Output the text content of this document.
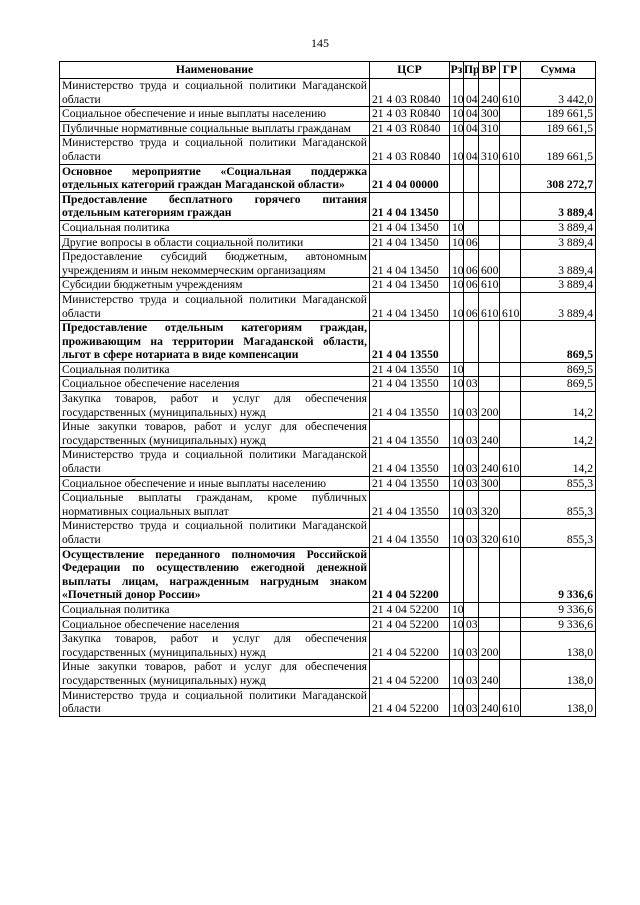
145
Наименование	ЦСР	Рз	Пр	ВР	ГР	Сумма
Министерство труда и социальной политики Магаданской области	21 4 03 R0840	10	04	240	610	3 442,0
Социальное обеспечение и иные выплаты населению	21 4 03 R0840	10	04	300		189 661,5
Публичные нормативные социальные выплаты гражданам	21 4 03 R0840	10	04	310		189 661,5
Министерство труда и социальной политики Магаданской области	21 4 03 R0840	10	04	310	610	189 661,5
Основное мероприятие «Социальная поддержка отдельных категорий граждан Магаданской области»	21 4 04 00000					308 272,7
Предоставление бесплатного горячего питания отдельным категориям граждан	21 4 04 13450					3 889,4
Социальная политика	21 4 04 13450	10				3 889,4
Другие вопросы в области социальной политики	21 4 04 13450	10	06			3 889,4
Предоставление субсидий бюджетным, автономным учреждениям и иным некоммерческим организациям	21 4 04 13450	10	06	600		3 889,4
Субсидии бюджетным учреждениям	21 4 04 13450	10	06	610		3 889,4
Министерство труда и социальной политики Магаданской области	21 4 04 13450	10	06	610	610	3 889,4
Предоставление отдельным категориям граждан, проживающим на территории Магаданской области, льгот в сфере нотариата в виде компенсации	21 4 04 13550					869,5
Социальная политика	21 4 04 13550	10				869,5
Социальное обеспечение населения	21 4 04 13550	10	03			869,5
Закупка товаров, работ и услуг для обеспечения государственных (муниципальных) нужд	21 4 04 13550	10	03	200		14,2
Иные закупки товаров, работ и услуг для обеспечения государственных (муниципальных) нужд	21 4 04 13550	10	03	240		14,2
Министерство труда и социальной политики Магаданской области	21 4 04 13550	10	03	240	610	14,2
Социальное обеспечение и иные выплаты населению	21 4 04 13550	10	03	300		855,3
Социальные выплаты гражданам, кроме публичных нормативных социальных выплат	21 4 04 13550	10	03	320		855,3
Министерство труда и социальной политики Магаданской области	21 4 04 13550	10	03	320	610	855,3
Осуществление переданного полномочия Российской Федерации по осуществлению ежегодной денежной выплаты лицам, награжденным нагрудным знаком «Почетный донор России»	21 4 04 52200					9 336,6
Социальная политика	21 4 04 52200	10				9 336,6
Социальное обеспечение населения	21 4 04 52200	10	03			9 336,6
Закупка товаров, работ и услуг для обеспечения государственных (муниципальных) нужд	21 4 04 52200	10	03	200		138,0
Иные закупки товаров, работ и услуг для обеспечения государственных (муниципальных) нужд	21 4 04 52200	10	03	240		138,0
Министерство труда и социальной политики Магаданской области	21 4 04 52200	10	03	240	610	138,0
